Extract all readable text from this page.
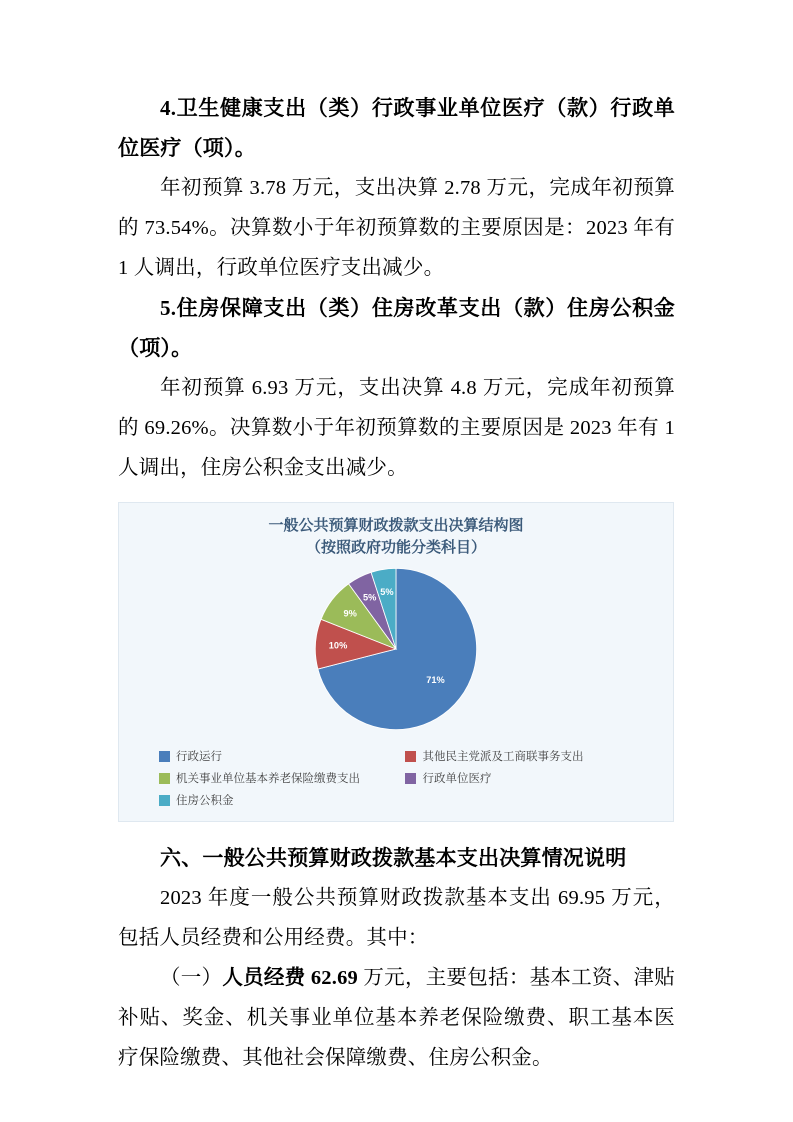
4.卫生健康支出（类）行政事业单位医疗（款）行政单位医疗（项）。

年初预算 3.78 万元，支出决算 2.78 万元，完成年初预算的 73.54%。决算数小于年初预算数的主要原因是：2023 年有 1 人调出，行政单位医疗支出减少。

5.住房保障支出（类）住房改革支出（款）住房公积金（项）。

年初预算 6.93 万元，支出决算 4.8 万元，完成年初预算的 69.26%。决算数小于年初预算数的主要原因是 2023 年有 1 人调出，住房公积金支出减少。

一般公共预算财政拨款支出决算结构图
（按照政府功能分类科目）
71%
10%
9%
5%
5%
行政运行	其他民主党派及工商联事务支出
机关事业单位基本养老保险缴费支出	行政单位医疗
住房公积金

六、一般公共预算财政拨款基本支出决算情况说明

2023 年度一般公共预算财政拨款基本支出 69.95 万元，包括人员经费和公用经费。其中：

（一）人员经费 62.69 万元，主要包括：基本工资、津贴补贴、奖金、机关事业单位基本养老保险缴费、职工基本医疗保险缴费、其他社会保障缴费、住房公积金。
